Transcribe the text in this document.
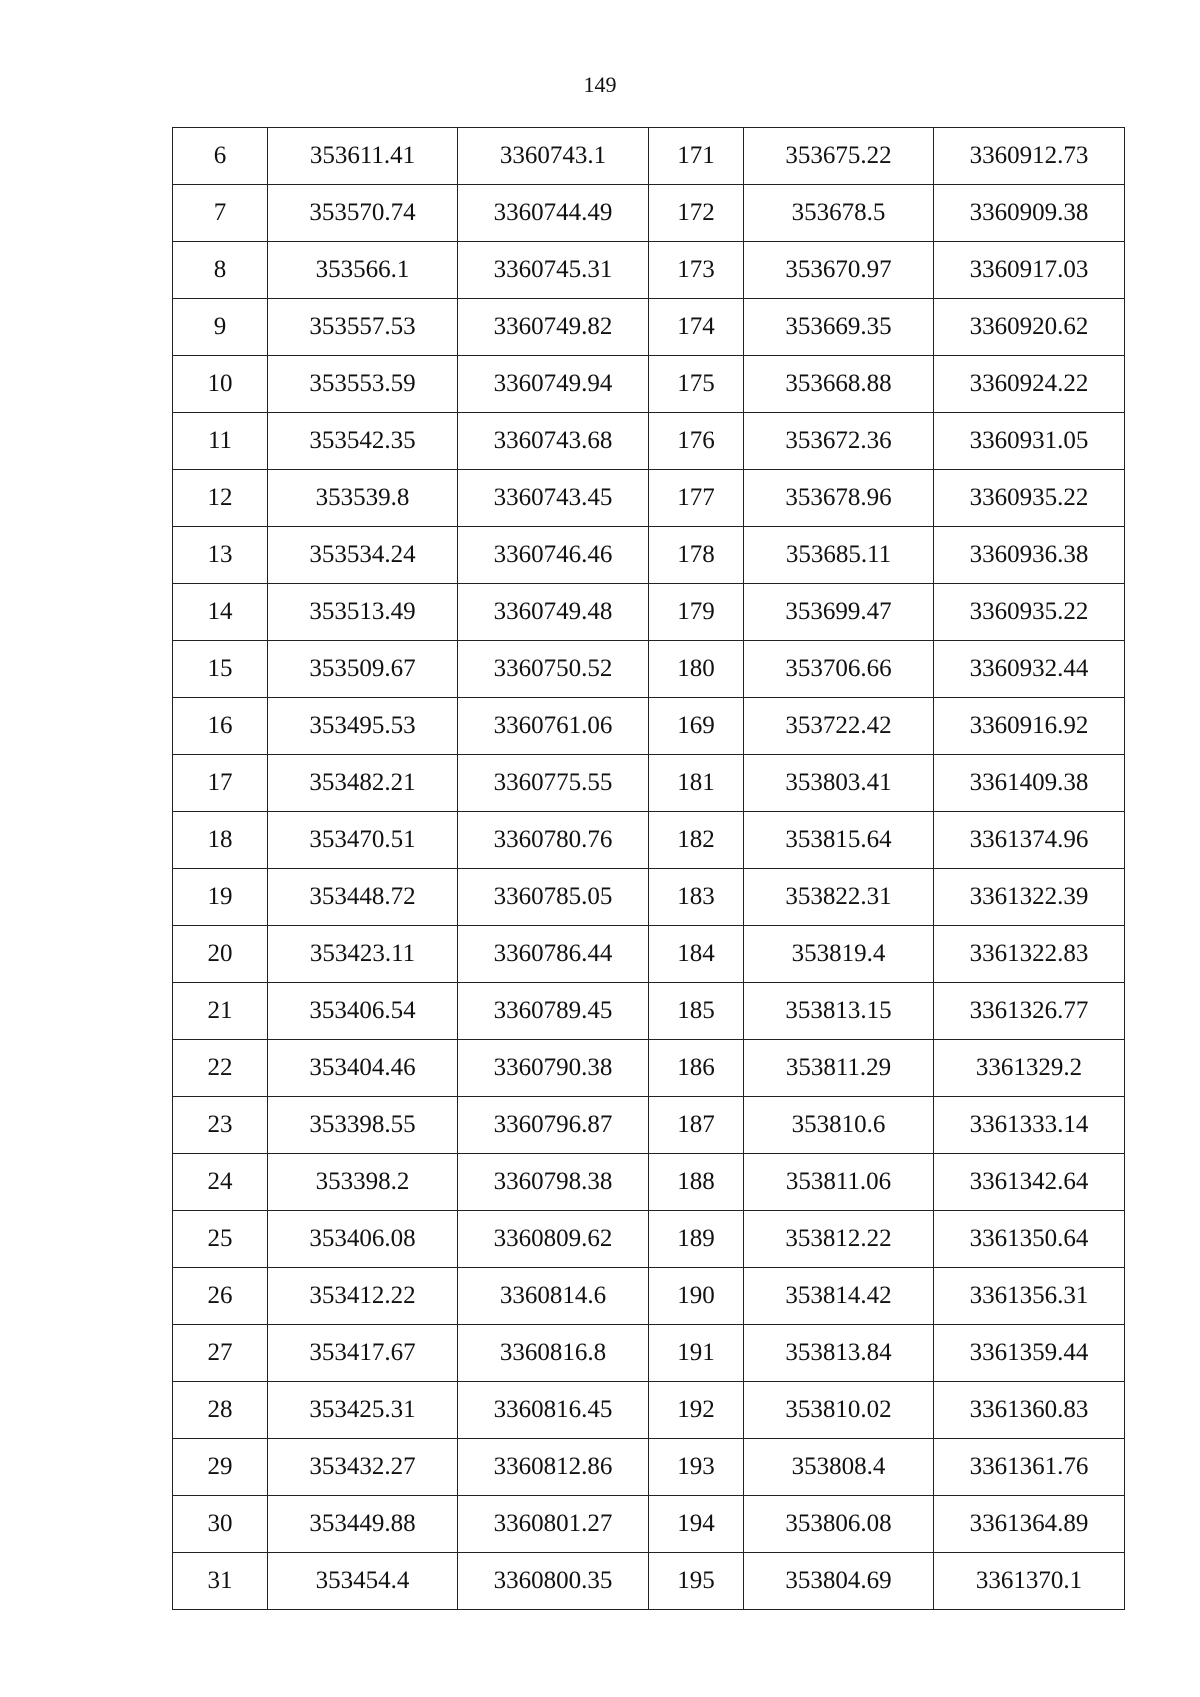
149
6	353611.41	3360743.1	171	353675.22	3360912.73
7	353570.74	3360744.49	172	353678.5	3360909.38
8	353566.1	3360745.31	173	353670.97	3360917.03
9	353557.53	3360749.82	174	353669.35	3360920.62
10	353553.59	3360749.94	175	353668.88	3360924.22
11	353542.35	3360743.68	176	353672.36	3360931.05
12	353539.8	3360743.45	177	353678.96	3360935.22
13	353534.24	3360746.46	178	353685.11	3360936.38
14	353513.49	3360749.48	179	353699.47	3360935.22
15	353509.67	3360750.52	180	353706.66	3360932.44
16	353495.53	3360761.06	169	353722.42	3360916.92
17	353482.21	3360775.55	181	353803.41	3361409.38
18	353470.51	3360780.76	182	353815.64	3361374.96
19	353448.72	3360785.05	183	353822.31	3361322.39
20	353423.11	3360786.44	184	353819.4	3361322.83
21	353406.54	3360789.45	185	353813.15	3361326.77
22	353404.46	3360790.38	186	353811.29	3361329.2
23	353398.55	3360796.87	187	353810.6	3361333.14
24	353398.2	3360798.38	188	353811.06	3361342.64
25	353406.08	3360809.62	189	353812.22	3361350.64
26	353412.22	3360814.6	190	353814.42	3361356.31
27	353417.67	3360816.8	191	353813.84	3361359.44
28	353425.31	3360816.45	192	353810.02	3361360.83
29	353432.27	3360812.86	193	353808.4	3361361.76
30	353449.88	3360801.27	194	353806.08	3361364.89
31	353454.4	3360800.35	195	353804.69	3361370.1
